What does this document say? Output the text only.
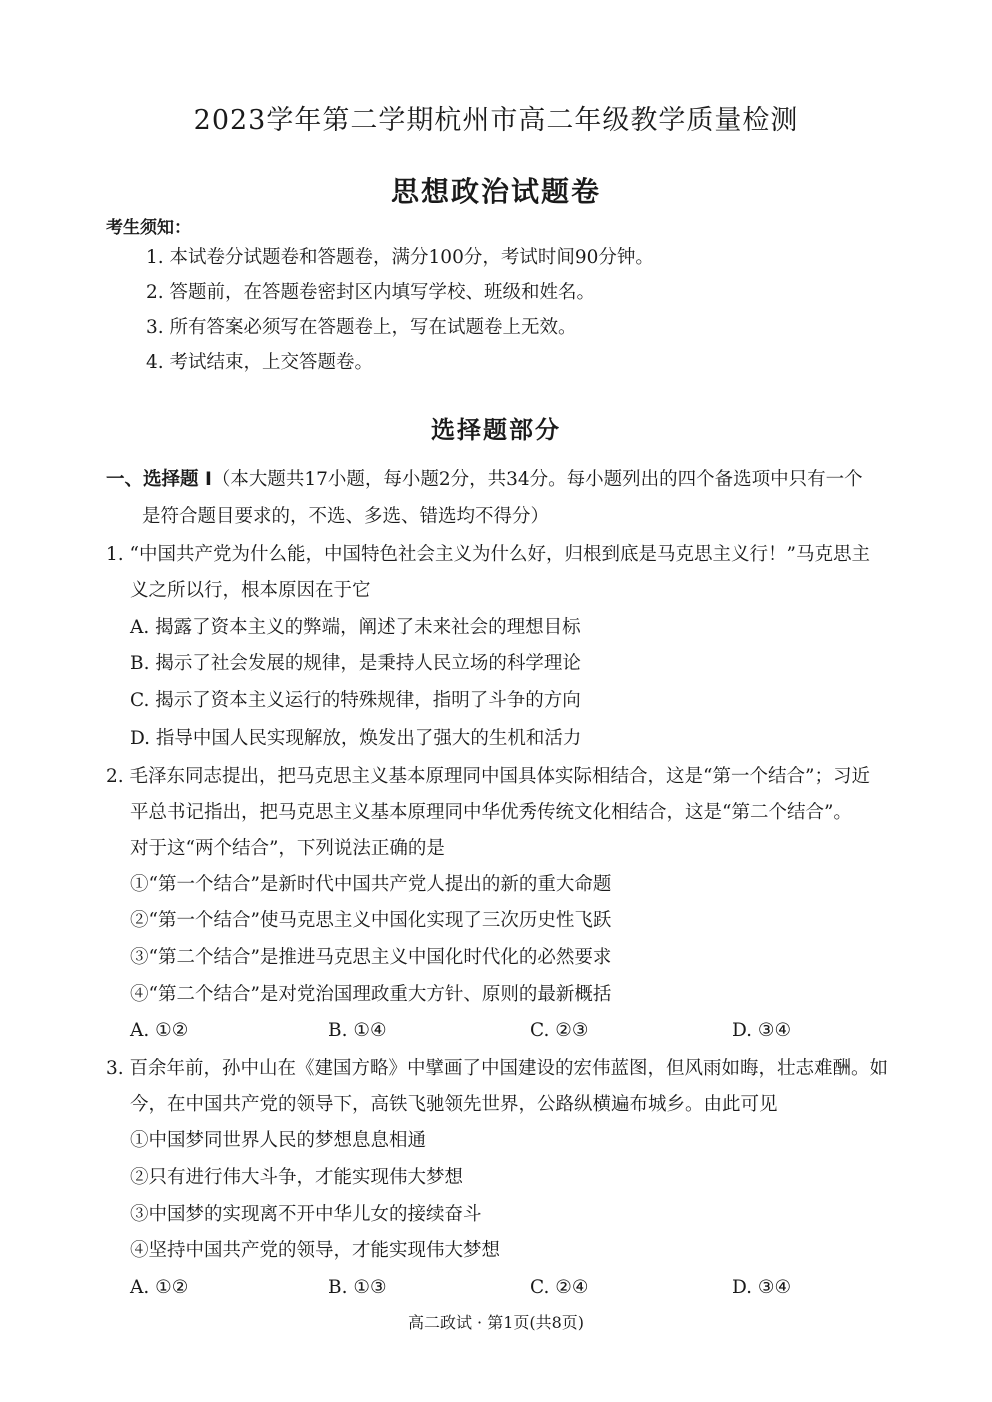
2023学年第二学期杭州市高二年级教学质量检测
思想政治试题卷
考生须知：
1. 本试卷分试题卷和答题卷，满分100分，考试时间90分钟。
2. 答题前，在答题卷密封区内填写学校、班级和姓名。
3. 所有答案必须写在答题卷上，写在试题卷上无效。
4. 考试结束，上交答题卷。
选择题部分
一、选择题 Ⅰ（本大题共17小题，每小题2分，共34分。每小题列出的四个备选项中只有一个
是符合题目要求的，不选、多选、错选均不得分）
1. “中国共产党为什么能，中国特色社会主义为什么好，归根到底是马克思主义行！”马克思主
义之所以行，根本原因在于它
A. 揭露了资本主义的弊端，阐述了未来社会的理想目标
B. 揭示了社会发展的规律，是秉持人民立场的科学理论
C. 揭示了资本主义运行的特殊规律，指明了斗争的方向
D. 指导中国人民实现解放，焕发出了强大的生机和活力
2. 毛泽东同志提出，把马克思主义基本原理同中国具体实际相结合，这是“第一个结合”；习近
平总书记指出，把马克思主义基本原理同中华优秀传统文化相结合，这是“第二个结合”。
对于这“两个结合”，下列说法正确的是
①“第一个结合”是新时代中国共产党人提出的新的重大命题
②“第一个结合”使马克思主义中国化实现了三次历史性飞跃
③“第二个结合”是推进马克思主义中国化时代化的必然要求
④“第二个结合”是对党治国理政重大方针、原则的最新概括
A. ①②	B. ①④	C. ②③	D. ③④
3. 百余年前，孙中山在《建国方略》中擘画了中国建设的宏伟蓝图，但风雨如晦，壮志难酬。如
今，在中国共产党的领导下，高铁飞驰领先世界，公路纵横遍布城乡。由此可见
①中国梦同世界人民的梦想息息相通
②只有进行伟大斗争，才能实现伟大梦想
③中国梦的实现离不开中华儿女的接续奋斗
④坚持中国共产党的领导，才能实现伟大梦想
A. ①②	B. ①③	C. ②④	D. ③④
高二政试 · 第1页(共8页)
